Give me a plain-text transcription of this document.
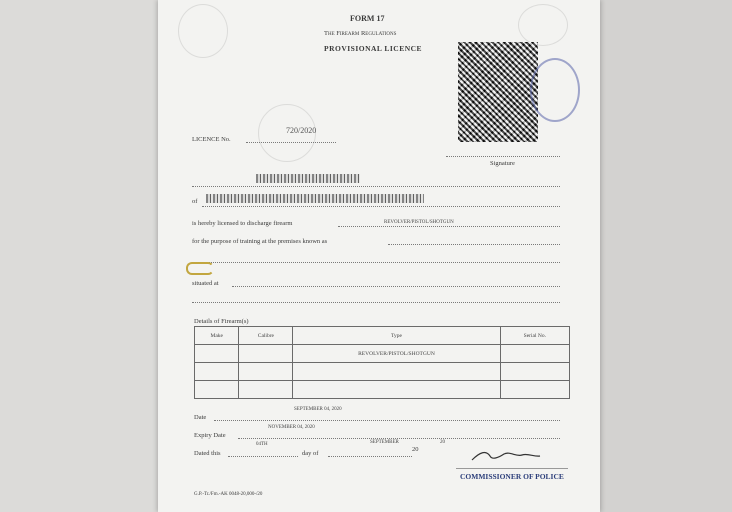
FORM 17
The Firearm Regulations
PROVISIONAL LICENCE
LICENCE No.
720/2020
Signature
of
is hereby licensed to discharge firearm	REVOLVER/PISTOL/SHOTGUN
for the purpose of training at the premises known as
situated at
Details of Firearm(s)
Make	Calibre	Type	Serial No.
		REVOLVER/PISTOL/SHOTGUN	

Date
SEPTEMBER 04, 2020
Expiry Date
NOVEMBER 04, 2020
Dated this
04TH
day of
SEPTEMBER
20
20
COMMISSIONER OF POLICE
G.P.-Tr./Fm.-AK 0048-20,000-/20
